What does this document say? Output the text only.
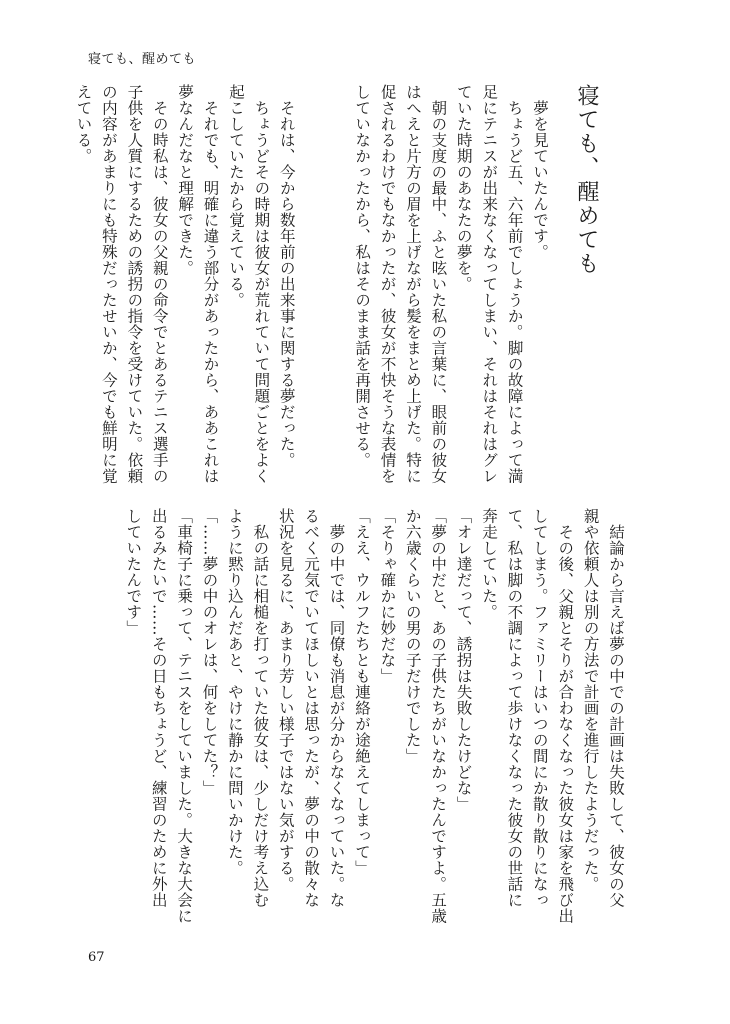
寝ても、醒めても

寝ても、醒めても

　夢を見ていたんです。

　ちょうど五、六年前でしょうか。脚の故障によって満

足にテニスが出来なくなってしまい、それはそれはグレ

ていた時期のあなたの夢を。

　朝の支度の最中、ふと呟いた私の言葉に、眼前の彼女

はへえと片方の眉を上げながら髪をまとめ上げた。特に

促されるわけでもなかったが、彼女が不快そうな表情を

していなかったから、私はそのまま話を再開させる。

　それは、今から数年前の出来事に関する夢だった。

　ちょうどその時期は彼女が荒れていて問題ごとをよく

起こしていたから覚えている。

　それでも、明確に違う部分があったから、ああこれは

夢なんだなと理解できた。

　その時私は、彼女の父親の命令でとあるテニス選手の

子供を人質にするための誘拐の指令を受けていた。依頼

の内容があまりにも特殊だったせいか、今でも鮮明に覚

えている。

　結論から言えば夢の中での計画は失敗して、彼女の父

親や依頼人は別の方法で計画を進行したようだった。

　その後、父親とそりが合わなくなった彼女は家を飛び出

してしまう。ファミリーはいつの間にか散り散りになっ

て、私は脚の不調によって歩けなくなった彼女の世話に

奔走していた。

「オレ達だって、誘拐は失敗したけどな」

「夢の中だと、あの子供たちがいなかったんですよ。五歳

か六歳くらいの男の子だけでした」

「そりゃ確かに妙だな」

「ええ、ウルフたちとも連絡が途絶えてしまって」

　夢の中では、同僚も消息が分からなくなっていた。な

るべく元気でいてほしいとは思ったが、夢の中の散々な

状況を見るに、あまり芳しい様子ではない気がする。

　私の話に相槌を打っていた彼女は、少しだけ考え込む

ように黙り込んだあと、やけに静かに問いかけた。

「……夢の中のオレは、何をしてた？」

「車椅子に乗って、テニスをしていました。大きな大会に

出るみたいで……その日もちょうど、練習のために外出

していたんです」

67
